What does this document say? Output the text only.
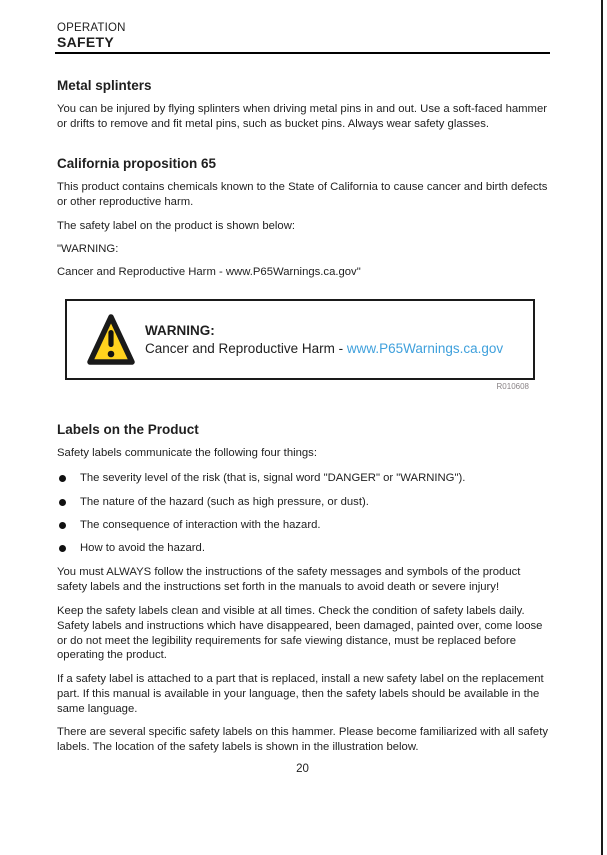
OPERATION
SAFETY
Metal splinters

You can be injured by flying splinters when driving metal pins in and out. Use a soft-faced hammer or drifts to remove and fit metal pins, such as bucket pins. Always wear safety glasses.

California proposition 65

This product contains chemicals known to the State of California to cause cancer and birth defects or other reproductive harm.

The safety label on the product is shown below:

"WARNING:

Cancer and Reproductive Harm - www.P65Warnings.ca.gov"

WARNING:
Cancer and Reproductive Harm - www.P65Warnings.ca.gov
R010608
Labels on the Product

Safety labels communicate the following four things:

The severity level of the risk (that is, signal word "DANGER" or "WARNING").
The nature of the hazard (such as high pressure, or dust).
The consequence of interaction with the hazard.
How to avoid the hazard.

You must ALWAYS follow the instructions of the safety messages and symbols of the product safety labels and the instructions set forth in the manuals to avoid death or severe injury!

Keep the safety labels clean and visible at all times. Check the condition of safety labels daily. Safety labels and instructions which have disappeared, been damaged, painted over, come loose or do not meet the legibility requirements for safe viewing distance, must be replaced before operating the product.

If a safety label is attached to a part that is replaced, install a new safety label on the replacement part. If this manual is available in your language, then the safety labels should be available in the same language.

There are several specific safety labels on this hammer. Please become familiarized with all safety labels. The location of the safety labels is shown in the illustration below.

20
